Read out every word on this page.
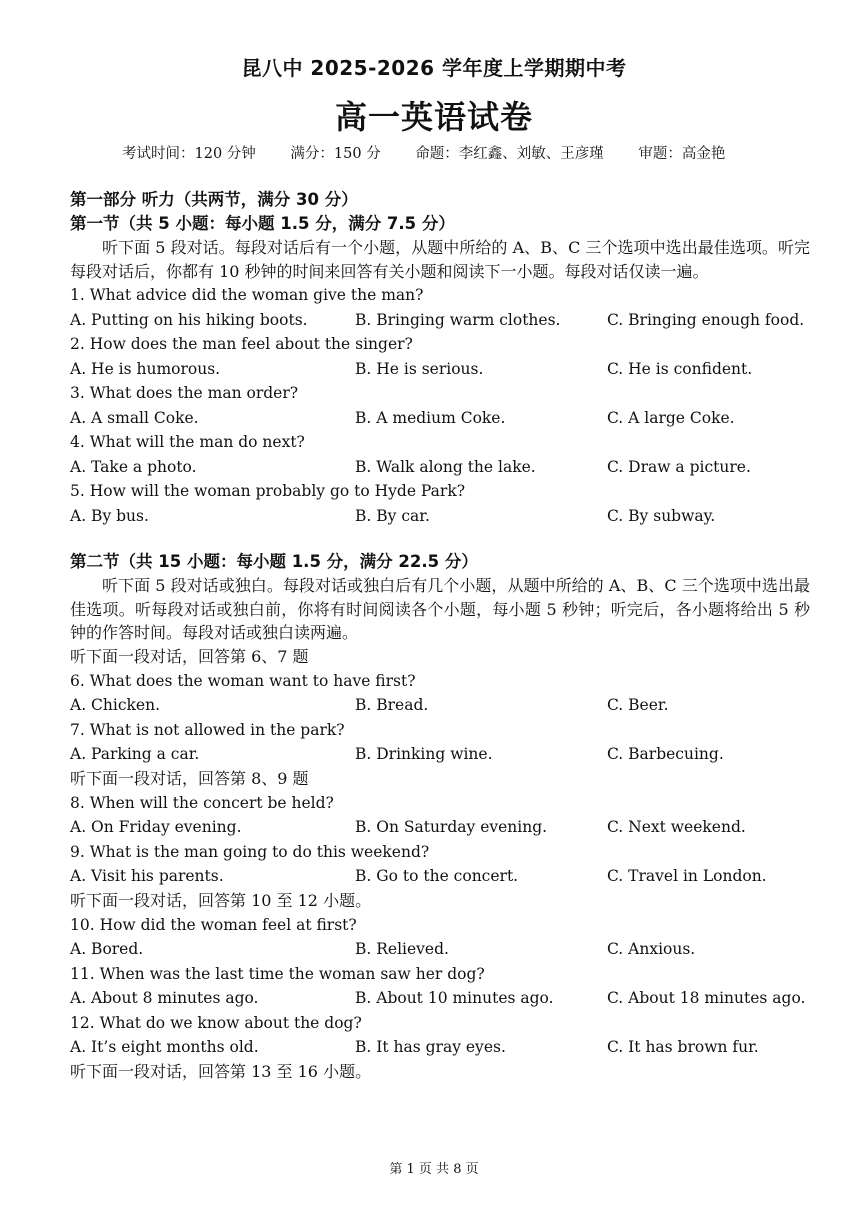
昆八中 2025-2026 学年度上学期期中考
高一英语试卷
考试时间：120 分钟 满分：150 分 命题：李红鑫、刘敏、王彦瑾 审题：高金艳
第一部分 听力（共两节，满分 30 分）
第一节（共 5 小题：每小题 1.5 分，满分 7.5 分）
听下面 5 段对话。每段对话后有一个小题，从题中所给的 A、B、C 三个选项中选出最佳选项。听完每段对话后，你都有 10 秒钟的时间来回答有关小题和阅读下一小题。每段对话仅读一遍。
1. What advice did the woman give the man?
A. Putting on his hiking boots.	B. Bringing warm clothes.	C. Bringing enough food.
2. How does the man feel about the singer?
A. He is humorous.	B. He is serious.	C. He is confident.
3. What does the man order?
A. A small Coke.	B. A medium Coke.	C. A large Coke.
4. What will the man do next?
A. Take a photo.	B. Walk along the lake.	C. Draw a picture.
5. How will the woman probably go to Hyde Park?
A. By bus.	B. By car.	C. By subway.
第二节（共 15 小题：每小题 1.5 分，满分 22.5 分）
听下面 5 段对话或独白。每段对话或独白后有几个小题，从题中所给的 A、B、C 三个选项中选出最佳选项。听每段对话或独白前，你将有时间阅读各个小题，每小题 5 秒钟；听完后，各小题将给出 5 秒钟的作答时间。每段对话或独白读两遍。
听下面一段对话，回答第 6、7 题
6. What does the woman want to have first?
A. Chicken.	B. Bread.	C. Beer.
7. What is not allowed in the park?
A. Parking a car.	B. Drinking wine.	C. Barbecuing.
听下面一段对话，回答第 8、9 题
8. When will the concert be held?
A. On Friday evening.	B. On Saturday evening.	C. Next weekend.
9. What is the man going to do this weekend?
A. Visit his parents.	B. Go to the concert.	C. Travel in London.
听下面一段对话，回答第 10 至 12 小题。
10. How did the woman feel at first?
A. Bored.	B. Relieved.	C. Anxious.
11. When was the last time the woman saw her dog?
A. About 8 minutes ago.	B. About 10 minutes ago.	C. About 18 minutes ago.
12. What do we know about the dog?
A. It’s eight months old.	B. It has gray eyes.	C. It has brown fur.
听下面一段对话，回答第 13 至 16 小题。
第 1 页 共 8 页
